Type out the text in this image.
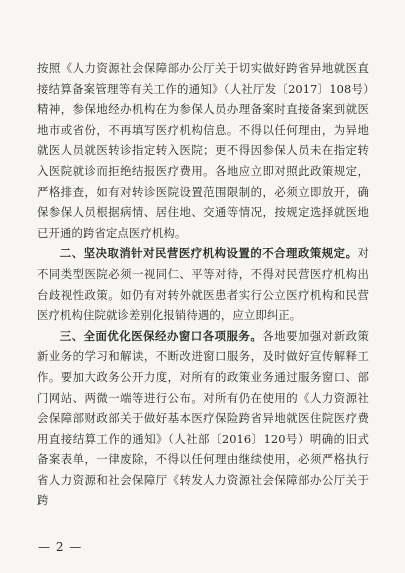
按照《人力资源社会保障部办公厅关于切实做好跨省异地就医直接结算备案管理等有关工作的通知》（人社厅发〔2017〕108号）精神，参保地经办机构在为参保人员办理备案时直接备案到就医地市或省份，不再填写医疗机构信息。不得以任何理由，为异地就医人员就医转诊指定转入医院；更不得因参保人员未在指定转入医院就诊而拒绝结报医疗费用。各地应立即对照此政策规定，严格排查，如有对转诊医院设置范围限制的，必须立即放开，确保参保人员根据病情、居住地、交通等情况，按规定选择就医地已开通的跨省定点医疗机构。

二、坚决取消针对民营医疗机构设置的不合理政策规定。对不同类型医院必须一视同仁、平等对待，不得对民营医疗机构出台歧视性政策。如仍有对转外就医患者实行公立医疗机构和民营医疗机构住院就诊差别化报销待遇的，应立即纠正。

三、全面优化医保经办窗口各项服务。各地要加强对新政策新业务的学习和解读，不断改进窗口服务，及时做好宣传解释工作。要加大政务公开力度，对所有的政策业务通过服务窗口、部门网站、两微一端等进行公布。对所有仍在使用的《人力资源社会保障部财政部关于做好基本医疗保险跨省异地就医住院医疗费用直接结算工作的通知》（人社部〔2016〕120号）明确的旧式备案表单，一律废除，不得以任何理由继续使用，必须严格执行省人力资源和社会保障厅《转发人力资源社会保障部办公厅关于跨

— 2 —
